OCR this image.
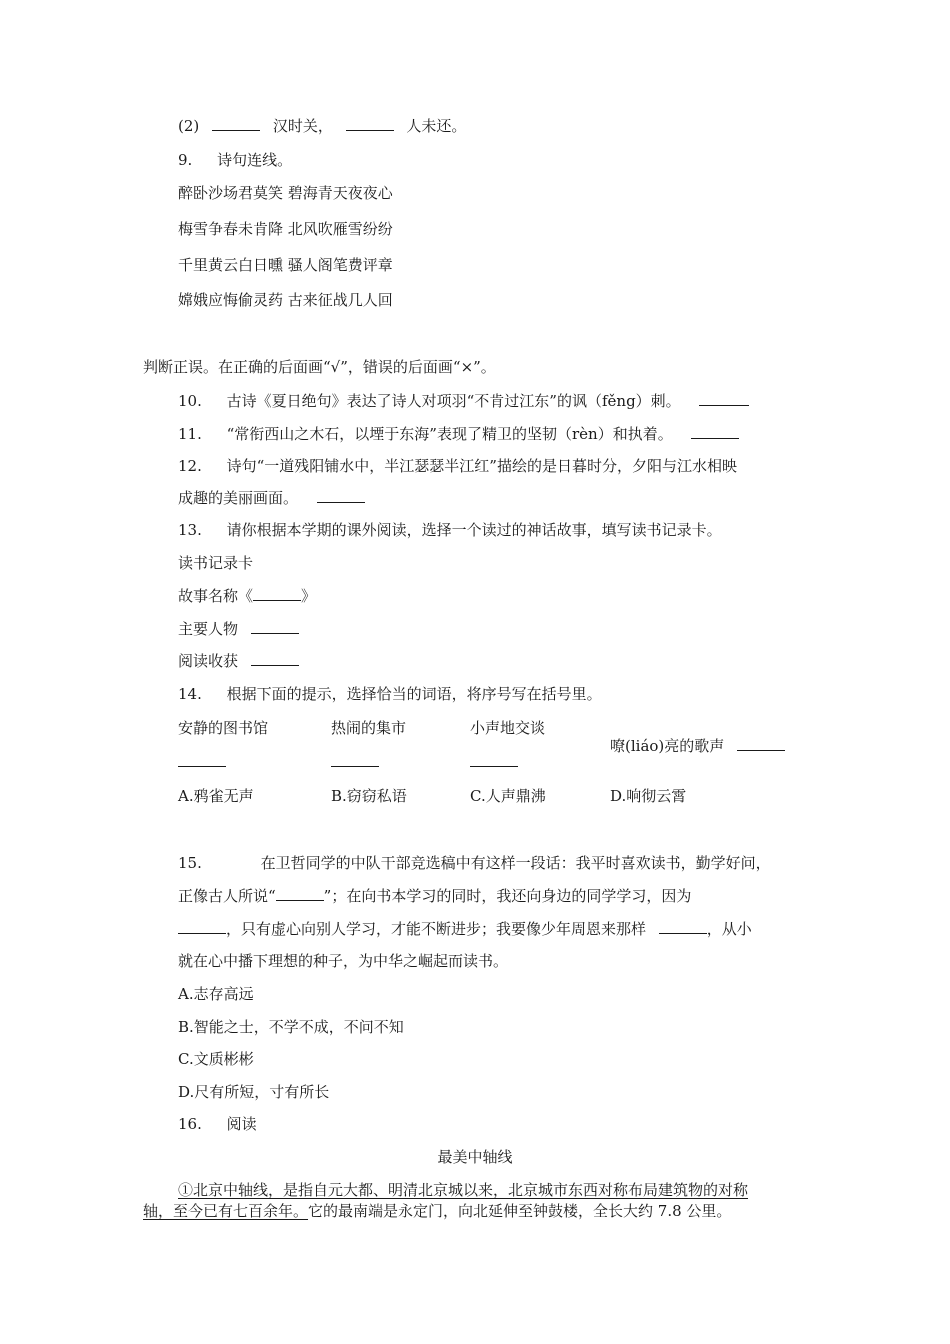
(2)	汉时关，	人未还。
9. 诗句连线。
醉卧沙场君莫笑 碧海青天夜夜心
梅雪争春未肯降 北风吹雁雪纷纷
千里黄云白日曛 骚人阁笔费评章
嫦娥应悔偷灵药 古来征战几人回
判断正误。在正确的后面画“√”，错误的后面画“×”。
10. 古诗《夏日绝句》表达了诗人对项羽“不肯过江东”的讽（fěng）刺。
11. “常衔西山之木石，以堙于东海”表现了精卫的坚韧（rèn）和执着。
12. 诗句“一道残阳铺水中，半江瑟瑟半江红”描绘的是日暮时分，夕阳与江水相映
成趣的美丽画面。
13. 请你根据本学期的课外阅读，选择一个读过的神话故事，填写读书记录卡。
读书记录卡
故事名称《	》
主要人物
阅读收获
14. 根据下面的提示，选择恰当的词语，将序号写在括号里。
安静的图书馆	热闹的集市	小声地交谈
嘹(liáo)亮的歌声
A.鸦雀无声	B.窃窃私语	C.人声鼎沸	D.响彻云霄
15.	在卫哲同学的中队干部竞选稿中有这样一段话：我平时喜欢读书，勤学好问，
正像古人所说“	”；在向书本学习的同时，我还向身边的同学学习，因为
，只有虚心向别人学习，才能不断进步；我要像少年周恩来那样	，从小
就在心中播下理想的种子，为中华之崛起而读书。
A.志存高远
B.智能之士，不学不成，不问不知
C.文质彬彬
D.尺有所短，寸有所长
16. 阅读
最美中轴线
①北京中轴线，是指自元大都、明清北京城以来，北京城市东西对称布局建筑物的对称
轴，至今已有七百余年。它的最南端是永定门，向北延伸至钟鼓楼，全长大约 7.8 公里。
